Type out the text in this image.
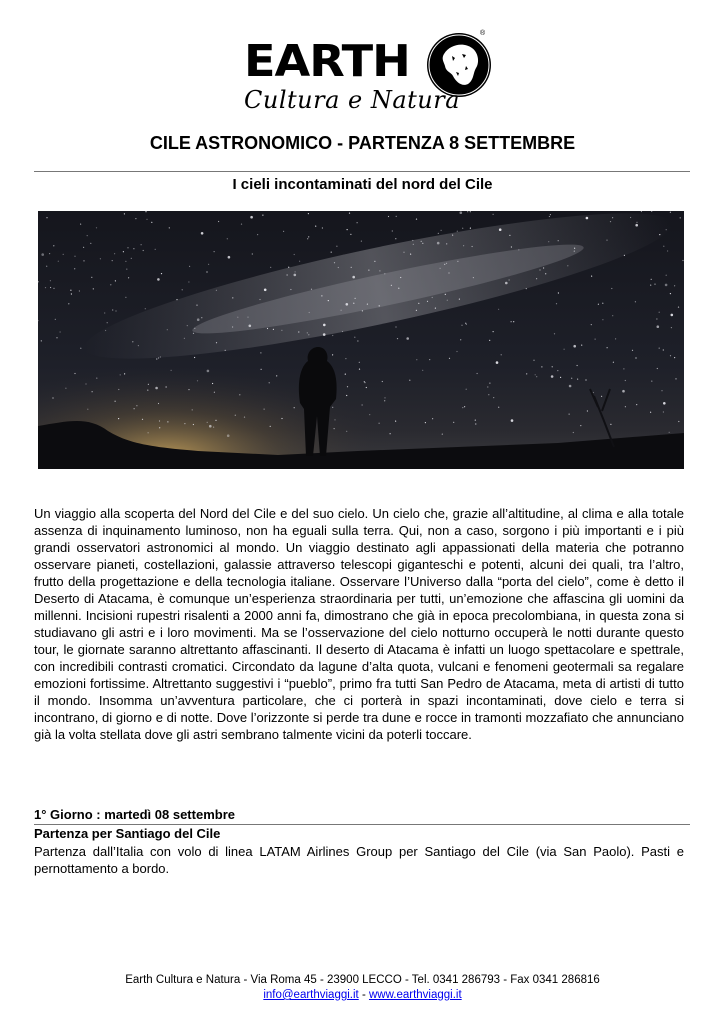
EARTH
®
Cultura e Natura
CILE ASTRONOMICO - PARTENZA 8 SETTEMBRE
I cieli incontaminati del nord del Cile

Un viaggio alla scoperta del Nord del Cile e del suo cielo. Un cielo che, grazie all’altitudine, al clima e alla totale assenza di inquinamento luminoso, non ha eguali sulla terra. Qui, non a caso, sorgono i più importanti e i più grandi osservatori astronomici al mondo. Un viaggio destinato agli appassionati della materia che potranno osservare pianeti, costellazioni, galassie attraverso telescopi giganteschi e potenti, alcuni dei quali, tra l’altro, frutto della progettazione e della tecnologia italiane. Osservare l’Universo dalla “porta del cielo”, come è detto il Deserto di Atacama, è comunque un’esperienza straordinaria per tutti, un’emozione che affascina gli uomini da millenni. Incisioni rupestri risalenti a 2000 anni fa, dimostrano che già in epoca precolombiana, in questa zona si studiavano gli astri e i loro movimenti. Ma se l’osservazione del cielo notturno occuperà le notti durante questo tour, le giornate saranno altrettanto affascinanti. Il deserto di Atacama è infatti un luogo spettacolare e spettrale, con incredibili contrasti cromatici. Circondato da lagune d’alta quota, vulcani e fenomeni geotermali sa regalare emozioni fortissime. Altrettanto suggestivi i “pueblo”, primo fra tutti San Pedro de Atacama, meta di artisti di tutto il mondo. Insomma un’avventura particolare, che ci porterà in spazi incontaminati, dove cielo e terra si incontrano, di giorno e di notte. Dove l’orizzonte si perde tra dune e rocce in tramonti mozzafiato che annunciano già la volta stellata dove gli astri sembrano talmente vicini da poterli toccare.

1° Giorno : martedì 08 settembre

Partenza per Santiago del Cile

Partenza dall’Italia con volo di linea LATAM Airlines Group per Santiago del Cile (via San Paolo). Pasti e pernottamento a bordo.

Earth Cultura e Natura - Via Roma 45 - 23900 LECCO - Tel. 0341 286793 - Fax 0341 286816
info@earthviaggi.it - www.earthviaggi.it
